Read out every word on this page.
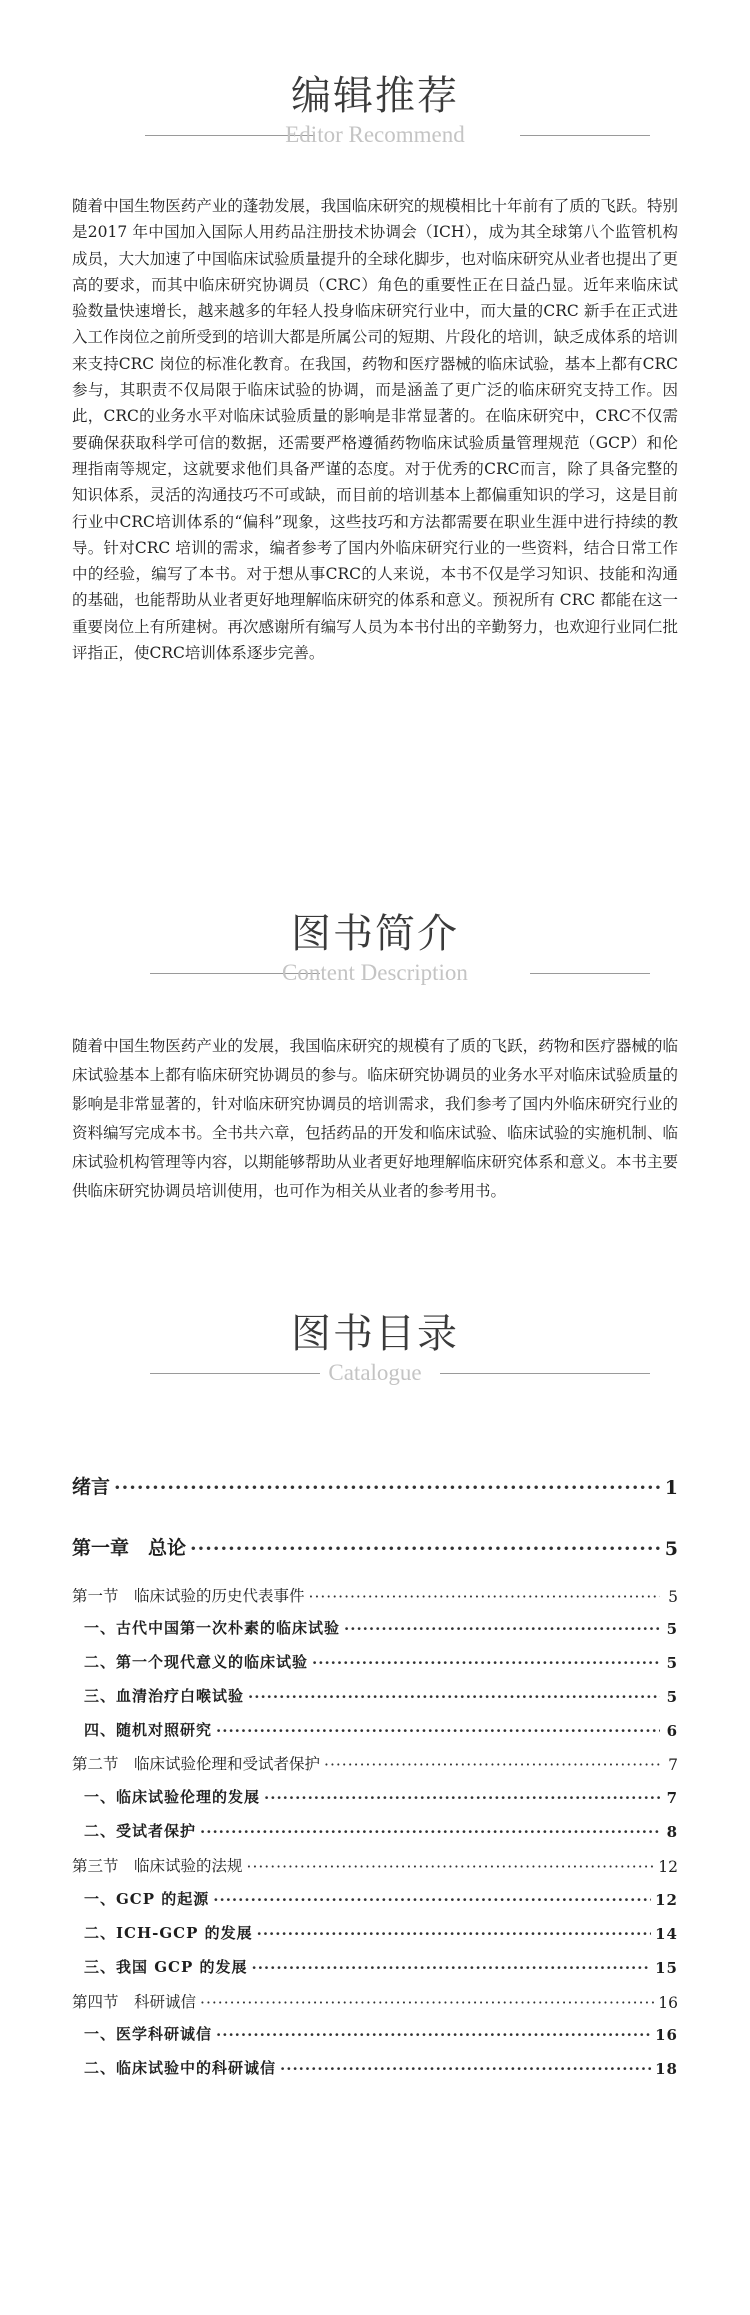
编辑推荐
Editor Recommend

随着中国生物医药产业的蓬勃发展，我国临床研究的规模相比十年前有了质的飞跃。特别是2017 年中国加入国际人用药品注册技术协调会（ICH），成为其全球第八个监管机构成员，大大加速了中国临床试验质量提升的全球化脚步，也对临床研究从业者也提出了更高的要求，而其中临床研究协调员（CRC）角色的重要性正在日益凸显。近年来临床试验数量快速增长，越来越多的年轻人投身临床研究行业中，而大量的CRC 新手在正式进入工作岗位之前所受到的培训大都是所属公司的短期、片段化的培训，缺乏成体系的培训来支持CRC 岗位的标准化教育。在我国，药物和医疗器械的临床试验，基本上都有CRC参与，其职责不仅局限于临床试验的协调，而是涵盖了更广泛的临床研究支持工作。因此，CRC的业务水平对临床试验质量的影响是非常显著的。在临床研究中，CRC不仅需要确保获取科学可信的数据，还需要严格遵循药物临床试验质量管理规范（GCP）和伦理指南等规定，这就要求他们具备严谨的态度。对于优秀的CRC而言，除了具备完整的知识体系，灵活的沟通技巧不可或缺，而目前的培训基本上都偏重知识的学习，这是目前行业中CRC培训体系的“偏科”现象，这些技巧和方法都需要在职业生涯中进行持续的教导。针对CRC 培训的需求，编者参考了国内外临床研究行业的一些资料，结合日常工作中的经验，编写了本书。对于想从事CRC的人来说，本书不仅是学习知识、技能和沟通的基础，也能帮助从业者更好地理解临床研究的体系和意义。预祝所有 CRC 都能在这一重要岗位上有所建树。再次感谢所有编写人员为本书付出的辛勤努力，也欢迎行业同仁批评指正，使CRC培训体系逐步完善。

图书简介
Content Description

随着中国生物医药产业的发展，我国临床研究的规模有了质的飞跃，药物和医疗器械的临床试验基本上都有临床研究协调员的参与。临床研究协调员的业务水平对临床试验质量的影响是非常显著的，针对临床研究协调员的培训需求，我们参考了国内外临床研究行业的资料编写完成本书。全书共六章，包括药品的开发和临床试验、临床试验的实施机制、临床试验机构管理等内容，以期能够帮助从业者更好地理解临床研究体系和意义。本书主要供临床研究协调员培训使用，也可作为相关从业者的参考用书。

图书目录
Catalogue
绪言 ·····	1
第一章　总论 ·····	5
第一节　临床试验的历史代表事件 ·····	5
一、古代中国第一次朴素的临床试验 ·····	5
二、第一个现代意义的临床试验 ·····	5
三、血清治疗白喉试验 ·····	5
四、随机对照研究 ·····	6
第二节　临床试验伦理和受试者保护 ·····	7
一、临床试验伦理的发展 ·····	7
二、受试者保护 ·····	8
第三节　临床试验的法规 ·····	12
一、GCP 的起源 ·····	12
二、ICH-GCP 的发展 ·····	14
三、我国 GCP 的发展 ·····	15
第四节　科研诚信 ·····	16
一、医学科研诚信 ·····	16
二、临床试验中的科研诚信 ·····	18
